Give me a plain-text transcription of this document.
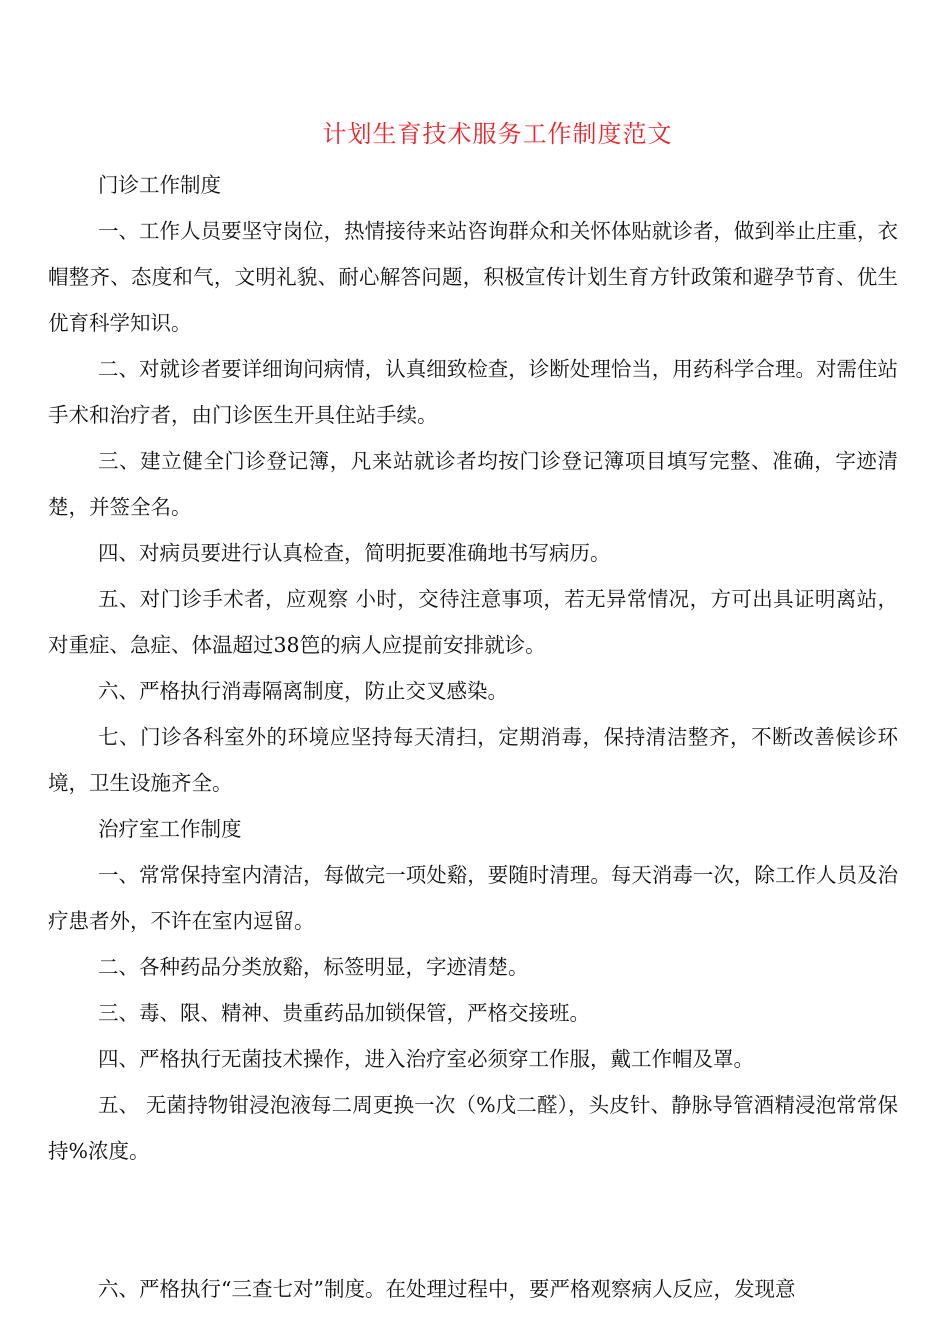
计划生育技术服务工作制度范文

门诊工作制度

一、工作人员要坚守岗位，热情接待来站咨询群众和关怀体贴就诊者，做到举止庄重，衣帽整齐、态度和气，文明礼貌、耐心解答问题，积极宣传计划生育方针政策和避孕节育、优生优育科学知识。

二、对就诊者要详细询问病情，认真细致检查，诊断处理恰当，用药科学合理。对需住站手术和治疗者，由门诊医生开具住站手续。

三、建立健全门诊登记簿，凡来站就诊者均按门诊登记簿项目填写完整、准确，字迹清楚，并签全名。

四、对病员要进行认真检查，简明扼要准确地书写病历。

五、对门诊手术者，应观察 小时，交待注意事项，若无异常情况，方可出具证明离站，对重症、急症、体温超过38笆的病人应提前安排就诊。

六、严格执行消毒隔离制度，防止交叉感染。

七、门诊各科室外的环境应坚持每天清扫，定期消毒，保持清洁整齐，不断改善候诊环境，卫生设施齐全。

治疗室工作制度

一、常常保持室内清洁，每做完一项处谿，要随时清理。每天消毒一次，除工作人员及治疗患者外，不许在室内逗留。

二、各种药品分类放谿，标签明显，字迹清楚。

三、毒、限、精神、贵重药品加锁保管，严格交接班。

四、严格执行无菌技术操作，进入治疗室必须穿工作服，戴工作帽及罩。

五、 无菌持物钳浸泡液每二周更换一次（%戊二醛），头皮针、静脉导管酒精浸泡常常保持%浓度。

六、严格执行“三查七对”制度。在处理过程中，要严格观察病人反应，发现意
